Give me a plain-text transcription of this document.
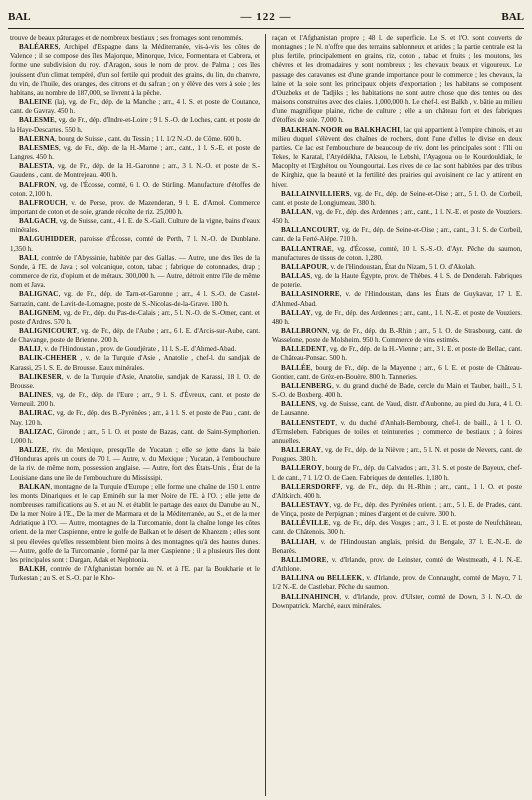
BAL	— 122 —	BAL

trouve de beaux pâturages et de nombreux bestiaux ; ses fromages sont renommés.

BALÉARES, Archipel d'Espagne dans la Méditerranée, vis-à-vis les côtes de Valence ; il se compose des îles Majorque, Minorque, Ivice, Formentara et Cabrera, et forme une subdivision du roy. d'Aragon, sous le nom de prov. de Palma ; ces îles jouissent d'un climat tempéré, d'un sol fertile qui produit des grains, du lin, du chanvre, du vin, de l'huile, des oranges, des citrons et du safran ; on y élève des vers à soie ; les habitans, au nombre de 187,000, se livrent à la pêche.

BALEINE (la), vg. de Fr., dép. de la Manche ; arr., 4 l. S. et poste de Coutance, cant. de Gavray. 450 h.

BALESME, vg. de Fr., dép. d'Indre-et-Loire ; 9 l. S.-O. de Loches, cant. et poste de la Haye-Descartes. 550 h.

BALERNA, bourg de Suisse , cant. du Tessin ; 1 l. 1/2 N.-O. de Côme. 600 h.

BALESMES, vg. de Fr., dép. de la H.-Marne ; arr., cant., 1 l. S.-E. et poste de Langres. 450 h.

BALESTA, vg. de Fr., dép. de la H.-Garonne ; arr., 3 l. N.-O. et poste de S.-Gaudens , cant. de Montrejeau. 400 h.

BALFRON, vg. de l'Écosse, comté, 6 l. O. de Stirling. Manufacture d'étoffes de coton. 2,100 h.

BALFROUCH, v. de Perse, prov. de Mazenderan, 9 l. E. d'Amol. Commerce important de coton et de soie, grande récolte de riz. 25,000 h.

BALGACH, vg. de Suisse, cant., 4 l. E. de S.-Gall. Culture de la vigne, bains d'eaux minérales.

BALGUHIDDER, paroisse d'Écosse, comté de Perth, 7 l. N.-O. de Dunblane. 1,350 h.

BALI, contrée de l'Abyssinie, habitée par des Gallas. — Autre, une des îles de la Sonde, à l'E. de Java ; sol volcanique, coton, tabac ; fabrique de cotonnades, drap ; commerce de riz, d'opium et de métaux. 300,000 h. — Autre, détroit entre l'île de même nom et Java.

BALIGNAC, vg. de Fr., dép. de Tarn-et-Garonne ; arr., 4 l. S.-O. de Castel-Sarrazin, cant. de Lavit-de-Lomagne, poste de S.-Nicolas-de-la-Grave. 180 h.

BALIGNEM, vg. de Fr., dép. du Pas-de-Calais ; arr., 5 l. N.-O. de S.-Omer, cant. et poste d'Ardres. 570 h.

BALIGNICOURT, vg. de Fr., dép. de l'Aube ; arr., 6 l. E. d'Arcis-sur-Aube, cant. de Chavange, poste de Brienne. 200 h.

BALIJ, v. de l'Hindoustan , prov. de Goudjérate , 11 l. S.-E. d'Ahmed-Abad.

BALIK-CHEHER , v. de la Turquie d'Asie , Anatolie , chef-l. du sandjak de Karassi, 25 l. S. E. de Brousse. Eaux minérales.

BALIKESER, v. de la Turquie d'Asie, Anatolie, sandjak de Karassi, 18 l. O. de Brousse.

BALINES, vg. de Fr., dép. de l'Eure ; arr., 9 l. S. d'Évreux, cant. et poste de Verneuil. 200 h.

BALIRAC, vg. de Fr., dép. des B.-Pyrénées ; arr., à 1 l. S. et poste de Pau , cant. de Nay. 120 h.

BALIZAC, Gironde ; arr., 5 l. O. et poste de Bazas, cant. de Saint-Symphorien. 1,000 h.

BALIZE, riv. du Mexique, presqu'île de Yucatan ; elle se jette dans la baie d'Honduras après un cours de 70 l. — Autre, v. du Mexique ; Yucatan, à l'embouchure de la riv. de même nom, possession anglaise. — Autre, fort des États-Unis , État de la Louisiane dans une île de l'embouchure du Mississipi.

BALKAN, montagne de la Turquie d'Europe ; elle forme une chaîne de 150 l. entre les monts Dinariques et le cap Eminéh sur la mer Noire de l'E. à l'O. ; elle jette de nombreuses ramifications au S. et au N. et établit le partage des eaux du Danube au N., De la mer Noire à l'E., De la mer de Marmara et de la Méditerranée, au S., et de la mer Adriatique à l'O. — Autre, montagnes de la Turcomanie, dont la chaîne longe les côtes orient. de la mer Caspienne, entre le golfe de Balkan et le désert de Kharezm ; elles sont si peu élevées qu'elles ressemblent bien moins à des montagnes qu'à des hautes dunes. — Autre, golfe de la Turcomanie , formé par la mer Caspienne ; il a plusieurs îles dont les principales sont : Dargan, Adak et Nephtonia.

BALKH, contrée de l'Afghanistan bornée au N. et à l'E. par la Boukharie et le Turkestan ; au S. et S.-O. par le Kho-

raçan et l'Afghanistan propre ; 48 l. de superficie. Le S. et l'O. sont couverts de montagnes ; le N. n'offre que des terrains sablonneux et arides ; la partie centrale est la plus fertile, principalement en grains, riz, coton , tabac et fruits ; les moutons, les chèvres et les dromadaires y sont nombreux ; les chevaux beaux et vigoureux. Le passage des caravanes est d'une grande importance pour le commerce ; les chevaux, la laine et la soie sont les principaux objets d'exportation ; les habitans se composent d'Ouzbeks et de Tadjiks ; les habitations ne sont autre chose que des tentes ou des maisons construites avec des claies. 1,000,000 h. Le chef-l. est Balkh , v. bâtie au milieu d'une magnifique plaine, riche de culture ; elle a un château fort et des fabriques d'étoffes de soie. 7,000 h.

BALKHAN-NOOR ou BALKHACHI, lac qui appartient à l'empire chinois, et au milieu duquel s'élèvent des chaînes de rochers, dont l'une d'elles le divise en deux parties. Ce lac est l'embouchure de beaucoup de riv. dont les principales sont : l'Ili ou Tekes, le Karatal, l'Atyédékha, l'Aksou, le Lebshi, l'Ayagoua ou le Kourdouldiak, le Macoplty et l'Erghétou ou Youngourtai. Les rives de ce lac sont habitées par des tribus de Kirghiz, que la beauté et la fertilité des prairies qui avoisinent ce lac y attirent en hiver.

BALLAINVILLIERS, vg. de Fr., dép. de Seine-et-Oise ; arr., 5 l. O. de Corbeil, cant. et poste de Longjumeau. 380 h.

BALLAN, vg. de Fr., dép. des Ardennes ; arr., cant., 1 l. N.-E. et poste de Vouziers. 450 h.

BALLANCOURT, vg. de Fr., dép. de Seine-et-Oise ; arr., cant., 3 l. S. de Corbeil, cant. de la Ferté-Alépe. 710 h.

BALLANTRAE, vg. d'Écosse, comté, 10 l. S.-S.-O. d'Ayr. Pêche du saumon, manufactures de tissus de coton. 1,280.

BALLAPOUR, v. de l'Hindoustan, État du Nizam, 5 l. O. d'Akolah.

BALLAS, vg. de la Haute Égypte, prov. de Thèbes. 4 l. S. de Denderah. Fabriques de poterie.

BALLASINORRE, v. de l'Hindoustan, dans les États de Guykavar, 17 l. E. d'Ahmed-Abad.

BALLAY, vg. de Fr., dép. des Ardennes ; arr., cant., 1 l. N.-E. et poste de Vouziers. 480 h.

BALLBRONN, vg. de Fr., dép. du B.-Rhin ; arr., 5 l. O. de Strasbourg, cant. de Wasselone, poste de Molsheim. 950 h. Commerce de vins estimés.

BALLEDENT, vg. de Fr., dép. de la H.-Vienne ; arr., 3 l. E. et poste de Bellac, cant. de Château-Ponsac. 500 h.

BALLÉE, bourg de Fr., dép. de la Mayenne ; arr., 6 l. E. et poste de Château-Gontier, cant. de Grèz-en-Bouère. 800 h. Tanneries.

BALLENBERG, v. du grand duché de Bade, cercle du Main et Tauber, baill., 5 l. S.-O. de Boxberg. 400 h.

BALLENS, vg. de Suisse, cant. de Vaud, distr. d'Aubonne, au pied du Jura, 4 l. O. de Lausanne.

BALLENSTEDT, v. du duché d'Anhalt-Bernbourg, chef-l. de baill., à 1 l. O. d'Ermsleben. Fabriques de toiles et teintureries ; commerce de bestiaux ; à foires annuelles.

BALLERAY, vg. de Fr., dép. de la Nièvre ; arr., 5 l. N. et poste de Nevers, cant. de Pougues. 380 h.

BALLEROY, bourg de Fr., dép. du Calvados ; arr., 3 l. S. et poste de Bayeux, chef-l. de cant., 7 l. 1/2 O. de Caen. Fabriques de dentelles. 1,180 h.

BALLERSDORFF, vg. de Fr., dép. du H.-Rhin ; arr., cant., 1 l. O. et poste d'Altkirch. 400 h.

BALLESTAVY, vg. de Fr., dép. des Pyrénées orient. ; arr., 5 l. E. de Prades, cant. de Vinça, poste de Perpignan ; mines d'argent et de cuivre. 300 h.

BALLÉVILLE, vg. de Fr., dép. des Vosges ; arr., 3 l. E. et poste de Neufchâteau, cant. de Châtenois. 300 h.

BALLIAH, v. de l'Hindoustan anglais, présid. du Bengale, 37 l. E.-N.-E. de Benarès.

BALLIMORE, v. d'Irlande, prov. de Leinster, comté de Westmeath, 4 l. N.-E. d'Athlone.

BALLINA ou BELLEEK, v. d'Irlande, prov. de Connaught, comté de Mayo, 7 l. 1/2 N.-E. de Castlebar. Pêche du saumon.

BALLINAHINCH, v. d'Irlande, prov. d'Ulster, comté de Down, 3 l. N.-O. de Downpatrick. Marché, eaux minérales.
